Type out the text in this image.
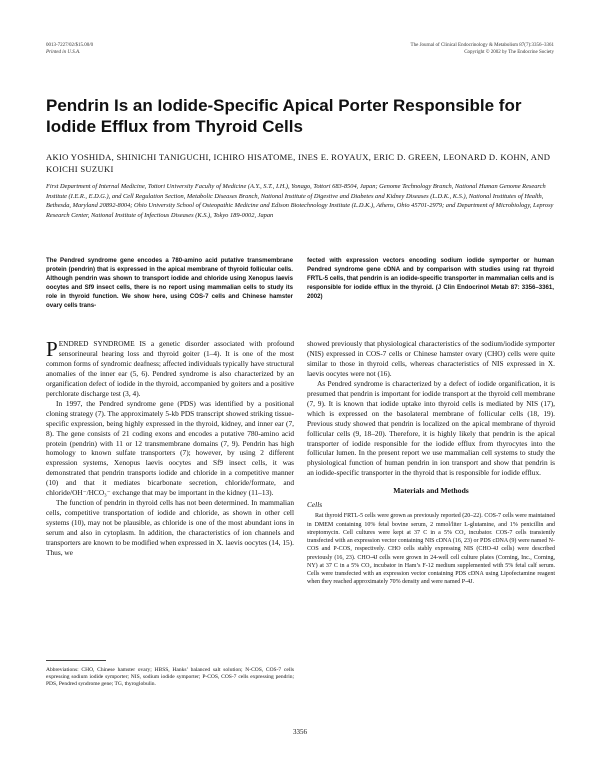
0013-7227/02/$15.00/0
Printed in U.S.A.
The Journal of Clinical Endocrinology & Metabolism 87(7):3356–3361
Copyright © 2002 by The Endocrine Society
Pendrin Is an Iodide-Specific Apical Porter Responsible for Iodide Efflux from Thyroid Cells
AKIO YOSHIDA, SHINICHI TANIGUCHI, ICHIRO HISATOME, INES E. ROYAUX, ERIC D. GREEN, LEONARD D. KOHN, AND KOICHI SUZUKI
First Department of Internal Medicine, Tottori University Faculty of Medicine (A.Y., S.T., I.H.), Yonago, Tottori 683-8504, Japan; Genome Technology Branch, National Human Genome Research Institute (I.E.R., E.D.G.), and Cell Regulation Section, Metabolic Diseases Branch, National Institute of Digestive and Diabetes and Kidney Diseases (L.D.K., K.S.), National Institutes of Health, Bethesda, Maryland 20892-8004; Ohio University School of Osteopathic Medicine and Edison Biotechnology Institute (L.D.K.), Athens, Ohio 45701-2979; and Department of Microbiology, Leprosy Research Center, National Institute of Infectious Diseases (K.S.), Tokyo 189-0002, Japan
The Pendred syndrome gene encodes a 780-amino acid putative transmembrane protein (pendrin) that is expressed in the apical membrane of thyroid follicular cells. Although pendrin was shown to transport iodide and chloride using Xenopus laevis oocytes and Sf9 insect cells, there is no report using mammalian cells to study its role in thyroid function. We show here, using COS-7 cells and Chinese hamster ovary cells trans-
fected with expression vectors encoding sodium iodide symporter or human Pendred syndrome gene cDNA and by comparison with studies using rat thyroid FRTL-5 cells, that pendrin is an iodide-specific transporter in mammalian cells and is responsible for iodide efflux in the thyroid. (J Clin Endocrinol Metab 87: 3356–3361, 2002)

PENDRED SYNDROME IS a genetic disorder associated with profound sensorineural hearing loss and thyroid goiter (1–4). It is one of the most common forms of syndromic deafness; affected individuals typically have structural anomalies of the inner ear (5, 6). Pendred syndrome is also characterized by an organification defect of iodide in the thyroid, accompanied by goiters and a positive perchlorate discharge test (3, 4).

In 1997, the Pendred syndrome gene (PDS) was identified by a positional cloning strategy (7). The approximately 5-kb PDS transcript showed striking tissue-specific expression, being highly expressed in the thyroid, kidney, and inner ear (7, 8). The gene consists of 21 coding exons and encodes a putative 780-amino acid protein (pendrin) with 11 or 12 transmembrane domains (7, 9). Pendrin has high homology to known sulfate transporters (7); however, by using 2 different expression systems, Xenopus laevis oocytes and Sf9 insect cells, it was demonstrated that pendrin transports iodide and chloride in a competitive manner (10) and that it mediates bicarbonate secretion, chloride/formate, and chloride/OH⁻/HCO₃⁻ exchange that may be important in the kidney (11–13).

The function of pendrin in thyroid cells has not been determined. In mammalian cells, competitive transportation of iodide and chloride, as shown in other cell systems (10), may not be plausible, as chloride is one of the most abundant ions in serum and also in cytoplasm. In addition, the characteristics of ion channels and transporters are known to be modified when expressed in X. laevis oocytes (14, 15). Thus, we

Abbreviations: CHO, Chinese hamster ovary; HBSS, Hanks’ balanced salt solution; N-COS, COS-7 cells expressing sodium iodide symporter; NIS, sodium iodide symporter; P-COS, COS-7 cells expressing pendrin; PDS, Pendred syndrome gene; TG, thyroglobulin.

showed previously that physiological characteristics of the sodium/iodide symporter (NIS) expressed in COS-7 cells or Chinese hamster ovary (CHO) cells were quite similar to those in thyroid cells, whereas characteristics of NIS expressed in X. laevis oocytes were not (16).

As Pendred syndrome is characterized by a defect of iodide organification, it is presumed that pendrin is important for iodide transport at the thyroid cell membrane (7, 9). It is known that iodide uptake into thyroid cells is mediated by NIS (17), which is expressed on the basolateral membrane of follicular cells (18, 19). Previous study showed that pendrin is localized on the apical membrane of thyroid follicular cells (9, 18–20). Therefore, it is highly likely that pendrin is the apical transporter of iodide responsible for the iodide efflux from thyrocytes into the follicular lumen. In the present report we use mammalian cell systems to study the physiological function of human pendrin in ion transport and show that pendrin is an iodide-specific transporter in the thyroid that is responsible for iodide efflux.

Materials and Methods

Cells

Rat thyroid FRTL-5 cells were grown as previously reported (20–22). COS-7 cells were maintained in DMEM containing 10% fetal bovine serum, 2 mmol/liter L-glutamine, and 1% penicillin and streptomycin. Cell cultures were kept at 37 C in a 5% CO₂ incubator. COS-7 cells transiently transfected with an expression vector containing NIS cDNA (16, 23) or PDS cDNA (9) were named N-COS and P-COS, respectively. CHO cells stably expressing NIS (CHO-4J cells) were described previously (16, 23). CHO-4J cells were grown in 24-well cell culture plates (Corning, Inc., Corning, NY) at 37 C in a 5% CO₂ incubator in Ham’s F-12 medium supplemented with 5% fetal calf serum. Cells were transfected with an expression vector containing PDS cDNA using Lipofectamine reagent when they reached approximately 70% density and were named P-4J.

3356
